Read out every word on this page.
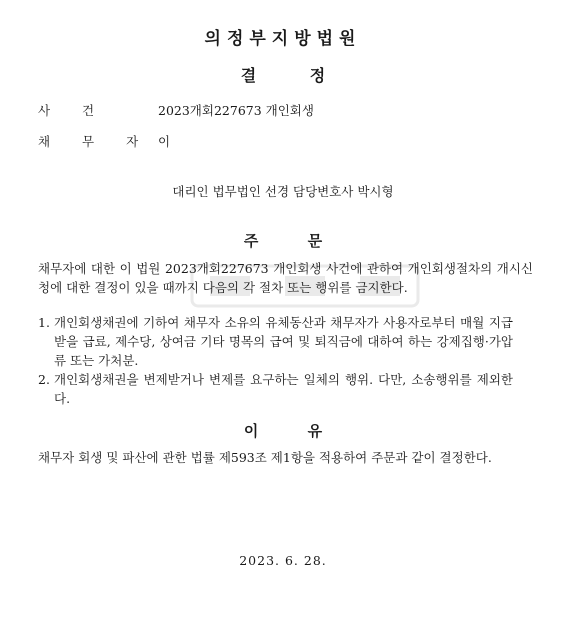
의정부지방법원
결 정
사 건	2023개회227673 개인회생
채 무 자 이
대리인 법무법인 선경 담당변호사 박시형
주 문
채무자에 대한 이 법원 2023개회227673 개인회생 사건에 관하여 개인회생절차의 개시신청에 대한 결정이 있을 때까지 다음의 각 절차 또는 행위를 금지한다.
1. 개인회생채권에 기하여 채무자 소유의 유체동산과 채무자가 사용자로부터 매월 지급받을 급료, 제수당, 상여금 기타 명목의 급여 및 퇴직금에 대하여 하는 강제집행·가압류 또는 가처분.
2. 개인회생채권을 변제받거나 변제를 요구하는 일체의 행위. 다만, 소송행위를 제외한다.
이 유
채무자 회생 및 파산에 관한 법률 제593조 제1항을 적용하여 주문과 같이 결정한다.
2023. 6. 28.
